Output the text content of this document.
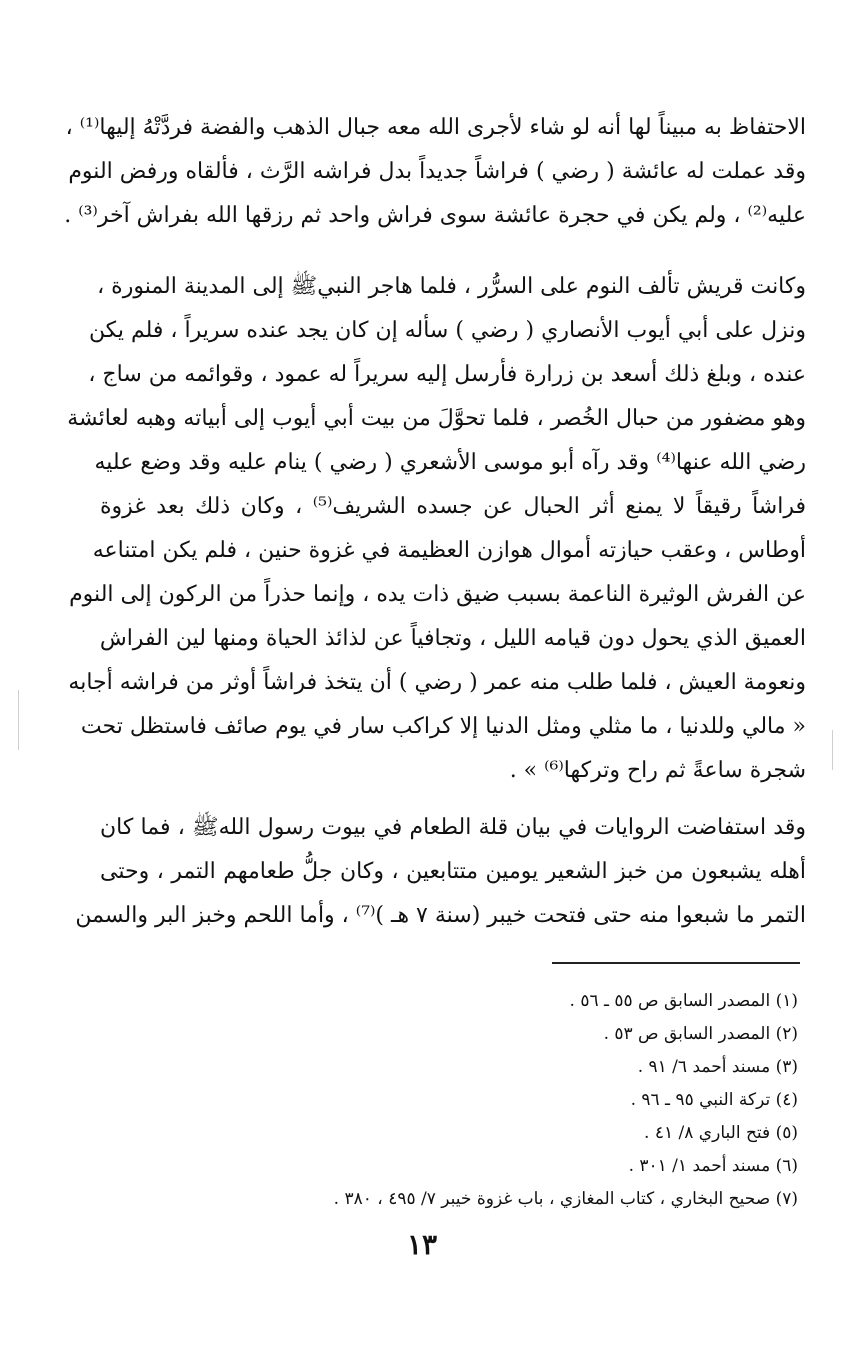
الاحتفاظ به مبيناً لها أنه لو شاء لأجرى الله معه جبال الذهب والفضة فردَّتْهُ إليها⁽¹⁾ ،
وقد عملت له عائشة ( رضي ) فراشاً جديداً بدل فراشه الرَّث ، فألقاه ورفض النوم
عليه⁽²⁾ ، ولم يكن في حجرة عائشة سوى فراش واحد ثم رزقها الله بفراش آخر⁽³⁾ .
وكانت قريش تألف النوم على السرُّر ، فلما هاجر النبيﷺ إلى المدينة المنورة ،
ونزل على أبي أيوب الأنصاري ( رضي ) سأله إن كان يجد عنده سريراً ، فلم يكن
عنده ، وبلغ ذلك أسعد بن زرارة فأرسل إليه سريراً له عمود ، وقوائمه من ساج ،
وهو مضفور من حبال الخُصر ، فلما تحوَّلَ من بيت أبي أيوب إلى أبياته وهبه لعائشة
رضي الله عنها⁽⁴⁾ وقد رآه أبو موسى الأشعري ( رضي ) ينام عليه وقد وضع عليه
فراشاً رقيقاً لا يمنع أثر الحبال عن جسده الشريف⁽⁵⁾ ، وكان ذلك بعد غزوة
أوطاس ، وعقب حيازته أموال هوازن العظيمة في غزوة حنين ، فلم يكن امتناعه
عن الفرش الوثيرة الناعمة بسبب ضيق ذات يده ، وإنما حذراً من الركون إلى النوم
العميق الذي يحول دون قيامه الليل ، وتجافياً عن لذائذ الحياة ومنها لين الفراش
ونعومة العيش ، فلما طلب منه عمر ( رضي ) أن يتخذ فراشاً أوثر من فراشه أجابه
« مالي وللدنيا ، ما مثلي ومثل الدنيا إلا كراكب سار في يوم صائف فاستظل تحت
شجرة ساعةً ثم راح وتركها⁽⁶⁾ » .
وقد استفاضت الروايات في بيان قلة الطعام في بيوت رسول اللهﷺ ، فما كان
أهله يشبعون من خبز الشعير يومين متتابعين ، وكان جلُّ طعامهم التمر ، وحتى
التمر ما شبعوا منه حتى فتحت خيبر (سنة ٧ هـ )⁽⁷⁾ ، وأما اللحم وخبز البر والسمن
(١) المصدر السابق ص ٥٥ ـ ٥٦ .
(٢) المصدر السابق ص ٥٣ .
(٣) مسند أحمد ٦/ ٩١ .
(٤) تركة النبي ٩٥ ـ ٩٦ .
(٥) فتح الباري ٨/ ٤١ .
(٦) مسند أحمد ١/ ٣٠١ .
(٧) صحيح البخاري ، كتاب المغازي ، باب غزوة خيبر ٧/ ٤٩٥ ، ٣٨٠ .
١٣
